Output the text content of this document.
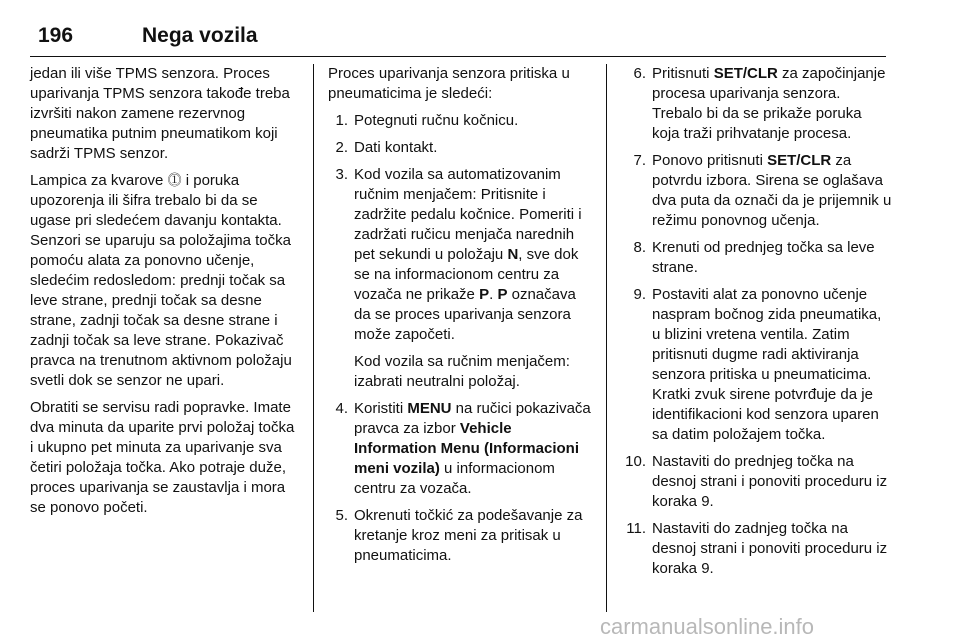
196	Nega vozila

jedan ili više TPMS senzora. Proces uparivanja TPMS senzora takođe treba izvršiti nakon zamene rezervnog pneumatika putnim pneumatikom koji sadrži TPMS senzor.

Lampica za kvarove ⓵ i poruka upozorenja ili šifra trebalo bi da se ugase pri sledećem davanju kontakta. Senzori se uparuju sa položajima točka pomoću alata za ponovno učenje, sledećim redosledom: prednji točak sa leve strane, prednji točak sa desne strane, zadnji točak sa desne strane i zadnji točak sa leve strane. Pokazivač pravca na trenutnom aktivnom položaju svetli dok se senzor ne upari.

Obratiti se servisu radi popravke. Imate dva minuta da uparite prvi položaj točka i ukupno pet minuta za uparivanje sva četiri položaja točka. Ako potraje duže, proces uparivanja se zaustavlja i mora se ponovo početi.

Proces uparivanja senzora pritiska u pneumaticima je sledeći:

1. Potegnuti ručnu kočnicu.
2. Dati kontakt.
3. Kod vozila sa automatizovanim ručnim menjačem: Pritisnite i zadržite pedalu kočnice. Pomeriti i zadržati ručicu menjača narednih pet sekundi u položaju N, sve dok se na informacionom centru za vozača ne prikaže P. P označava da se proces uparivanja senzora može započeti.

Kod vozila sa ručnim menjačem: izabrati neutralni položaj.

4. Koristiti MENU na ručici pokazivača pravca za izbor Vehicle Information Menu (Informacioni meni vozila) u informacionom centru za vozača.
5. Okrenuti točkić za podešavanje za kretanje kroz meni za pritisak u pneumaticima.
6. Pritisnuti SET/CLR za započinjanje procesa uparivanja senzora. Trebalo bi da se prikaže poruka koja traži prihvatanje procesa.
7. Ponovo pritisnuti SET/CLR za potvrdu izbora. Sirena se oglašava dva puta da označi da je prijemnik u režimu ponovnog učenja.
8. Krenuti od prednjeg točka sa leve strane.
9. Postaviti alat za ponovno učenje naspram bočnog zida pneumatika, u blizini vretena ventila. Zatim pritisnuti dugme radi aktiviranja senzora pritiska u pneumaticima. Kratki zvuk sirene potvrđuje da je identifikacioni kod senzora uparen sa datim položajem točka.
10. Nastaviti do prednjeg točka na desnoj strani i ponoviti proceduru iz koraka 9.
11. Nastaviti do zadnjeg točka na desnoj strani i ponoviti proceduru iz koraka 9.
carmanualsonline.info
